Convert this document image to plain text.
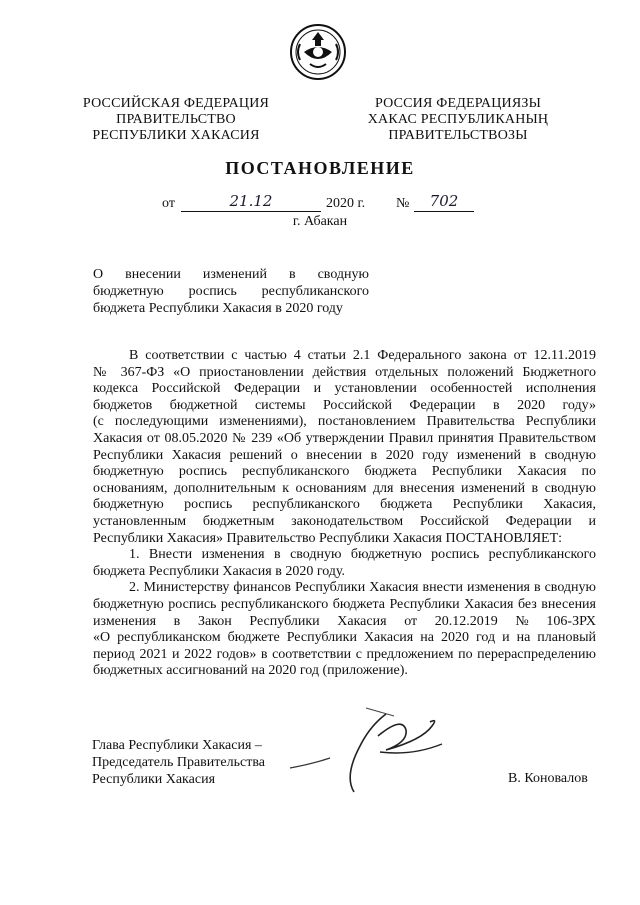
РОССИЙСКАЯ ФЕДЕРАЦИЯ
ПРАВИТЕЛЬСТВО
РЕСПУБЛИКИ ХАКАСИЯ
РОССИЯ ФЕДЕРАЦИЯЗЫ
ХАКАС РЕСПУБЛИКАНЫҢ
ПРАВИТЕЛЬСТВОЗЫ
ПОСТАНОВЛЕНИЕ
от	21.12	2020 г. №	702
г. Абакан
О внесении изменений в сводную
бюджетную роспись республиканского
бюджета Республики Хакасия в 2020 году
В соответствии с частью 4 статьи 2.1 Федерального закона от 12.11.2019
№ 367-ФЗ «О приостановлении действия отдельных положений Бюджетного
кодекса Российской Федерации и установлении особенностей исполнения
бюджетов бюджетной системы Российской Федерации в 2020 году»
(с последующими изменениями), постановлением Правительства Республики
Хакасия от 08.05.2020 № 239 «Об утверждении Правил принятия Правительством
Республики Хакасия решений о внесении в 2020 году изменений в сводную
бюджетную роспись республиканского бюджета Республики Хакасия по
основаниям, дополнительным к основаниям для внесения изменений в сводную
бюджетную роспись республиканского бюджета Республики Хакасия,
установленным бюджетным законодательством Российской Федерации и
Республики Хакасия» Правительство Республики Хакасия ПОСТАНОВЛЯЕТ:
1. Внести изменения в сводную бюджетную роспись республиканского
бюджета Республики Хакасия в 2020 году.
2. Министерству финансов Республики Хакасия внести изменения в сводную
бюджетную роспись республиканского бюджета Республики Хакасия без внесения
изменения в Закон Республики Хакасия от 20.12.2019 № 106-ЗРХ
«О республиканском бюджете Республики Хакасия на 2020 год и на плановый
период 2021 и 2022 годов» в соответствии с предложением по перераспределению
бюджетных ассигнований на 2020 год (приложение).
Глава Республики Хакасия –
Председатель Правительства
Республики Хакасия	В. Коновалов
